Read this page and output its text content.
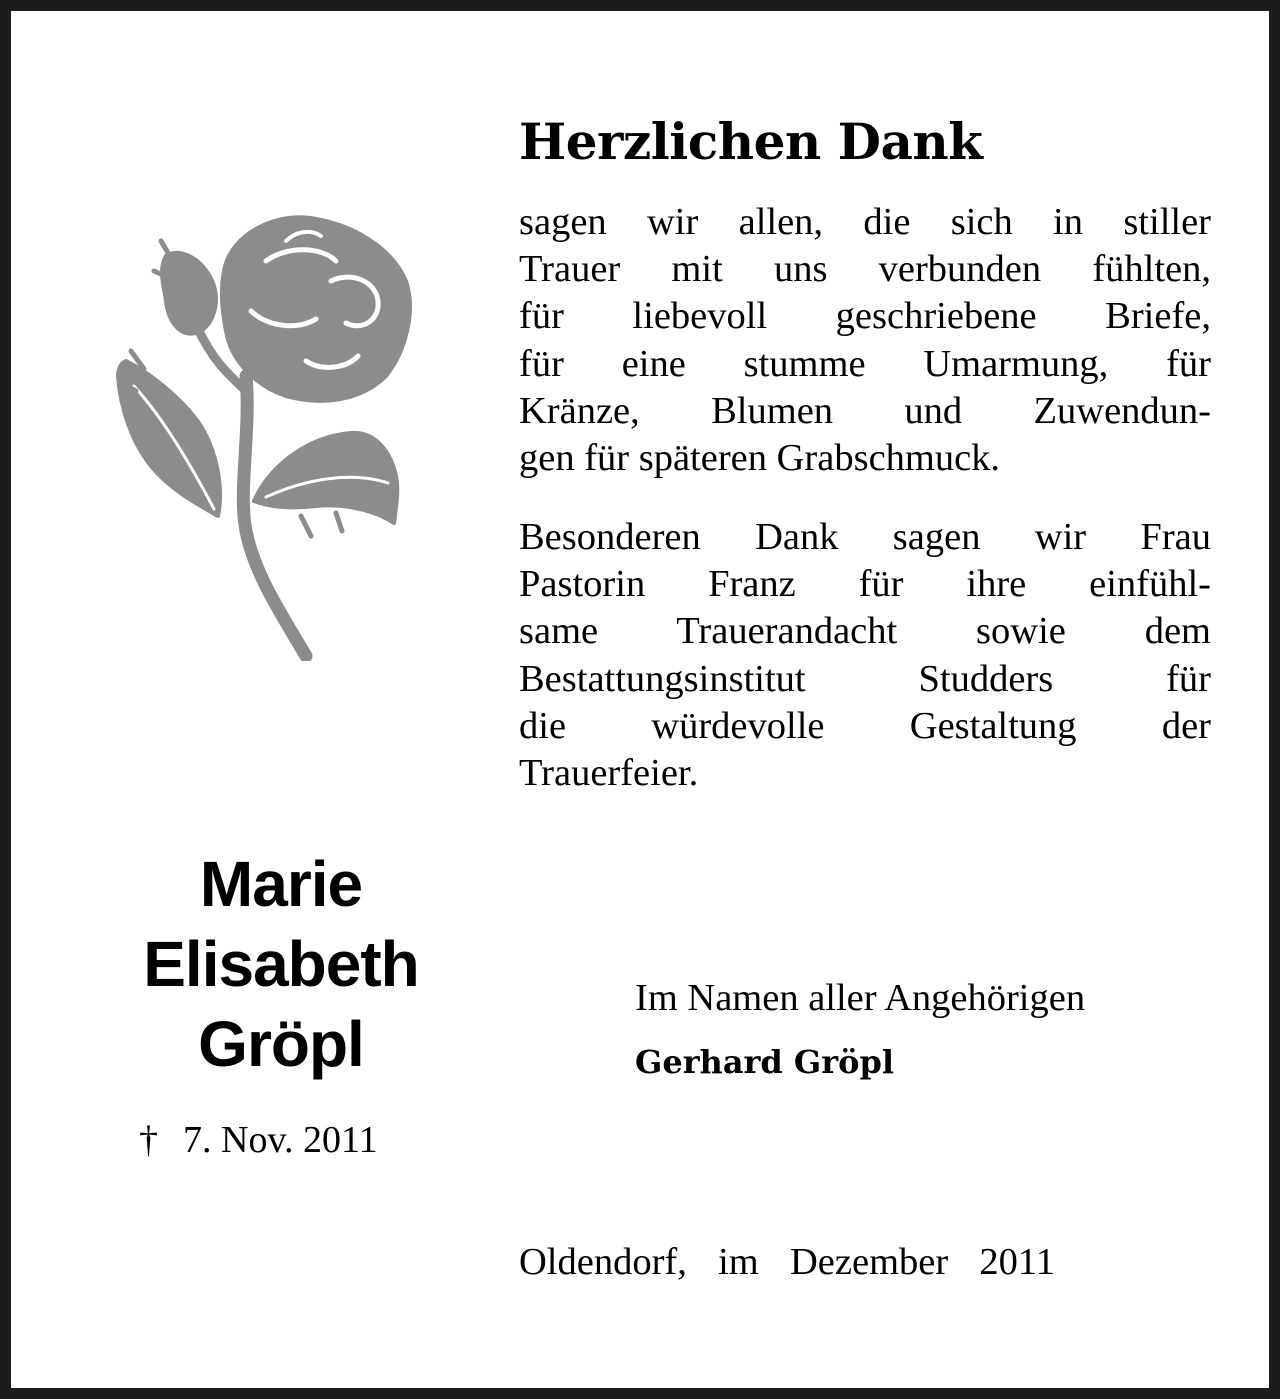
Herzlichen Dank
sagen wir allen, die sich in stiller
Trauer mit uns verbunden fühlten,
für liebevoll geschriebene Briefe,
für eine stumme Umarmung, für
Kränze, Blumen und Zuwendun-
gen für späteren Grabschmuck.
Besonderen Dank sagen wir Frau
Pastorin Franz für ihre einfühl-
same Trauerandacht sowie dem
Bestattungsinstitut Studders für
die würdevolle Gestaltung der
Trauerfeier.
Marie
Elisabeth
Gröpl
† 7. Nov. 2011
Im Namen aller Angehörigen
Gerhard Gröpl
Oldendorf,  im  Dezember  2011
